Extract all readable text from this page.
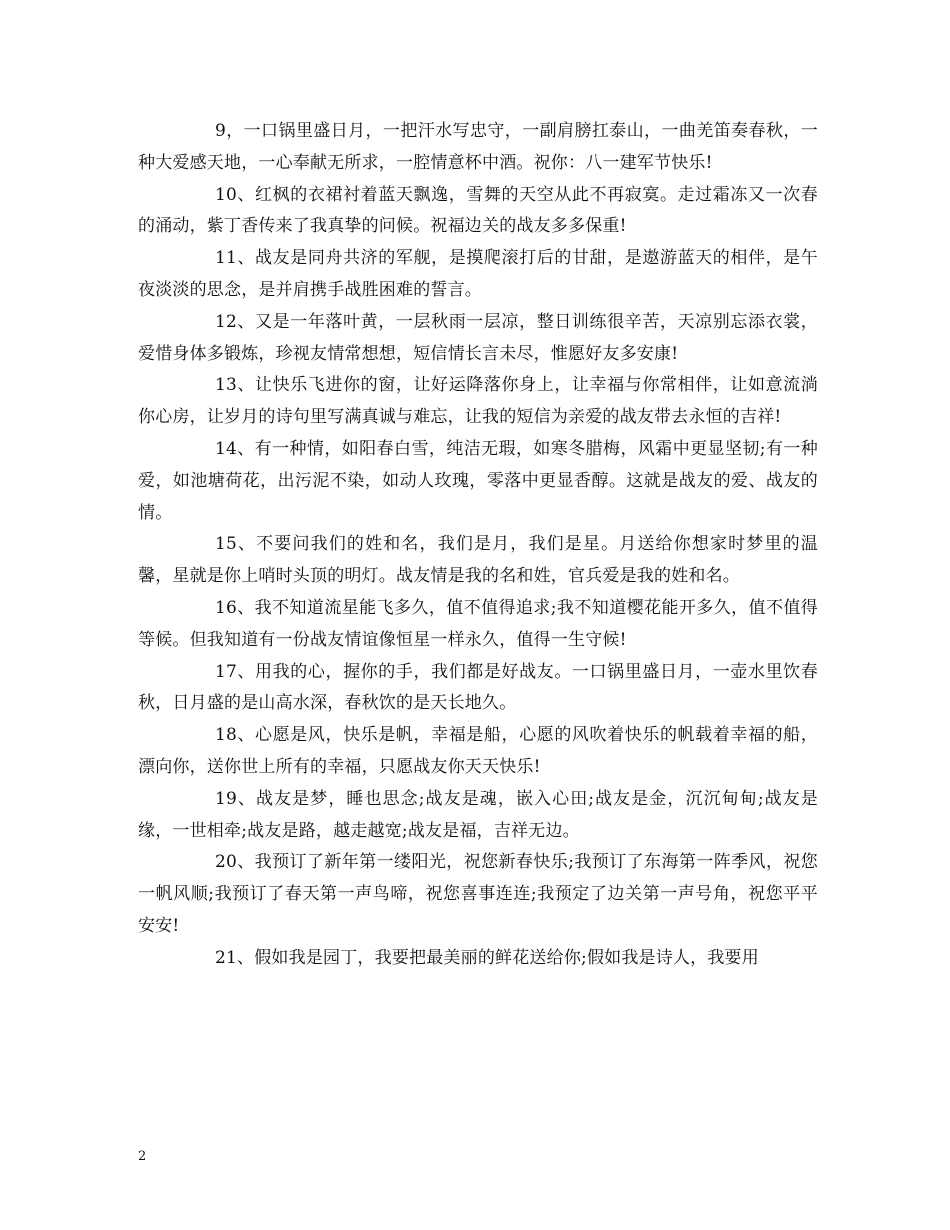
9，一口锅里盛日月，一把汗水写忠守，一副肩膀扛泰山，一曲羌笛奏春秋，一种大爱感天地，一心奉献无所求，一腔情意杯中酒。祝你：八一建军节快乐!

10、红枫的衣裙衬着蓝天飘逸，雪舞的天空从此不再寂寞。走过霜冻又一次春的涌动，紫丁香传来了我真挚的问候。祝福边关的战友多多保重!

11、战友是同舟共济的军舰，是摸爬滚打后的甘甜，是遨游蓝天的相伴，是午夜淡淡的思念，是并肩携手战胜困难的誓言。

12、又是一年落叶黄，一层秋雨一层凉，整日训练很辛苦，天凉别忘添衣裳，爱惜身体多锻炼，珍视友情常想想，短信情长言未尽，惟愿好友多安康!

13、让快乐飞进你的窗，让好运降落你身上，让幸福与你常相伴，让如意流淌你心房，让岁月的诗句里写满真诚与难忘，让我的短信为亲爱的战友带去永恒的吉祥!

14、有一种情，如阳春白雪，纯洁无瑕，如寒冬腊梅，风霜中更显坚韧;有一种爱，如池塘荷花，出污泥不染，如动人玫瑰，零落中更显香醇。这就是战友的爱、战友的情。

15、不要问我们的姓和名，我们是月，我们是星。月送给你想家时梦里的温馨，星就是你上哨时头顶的明灯。战友情是我的名和姓，官兵爱是我的姓和名。

16、我不知道流星能飞多久，值不值得追求;我不知道樱花能开多久，值不值得等候。但我知道有一份战友情谊像恒星一样永久，值得一生守候!

17、用我的心，握你的手，我们都是好战友。一口锅里盛日月，一壶水里饮春秋，日月盛的是山高水深，春秋饮的是天长地久。

18、心愿是风，快乐是帆，幸福是船，心愿的风吹着快乐的帆载着幸福的船，漂向你，送你世上所有的幸福，只愿战友你天天快乐!

19、战友是梦，睡也思念;战友是魂，嵌入心田;战友是金，沉沉甸甸;战友是缘，一世相牵;战友是路，越走越宽;战友是福，吉祥无边。

20、我预订了新年第一缕阳光，祝您新春快乐;我预订了东海第一阵季风，祝您一帆风顺;我预订了春天第一声鸟啼，祝您喜事连连;我预定了边关第一声号角，祝您平平安安!

21、假如我是园丁，我要把最美丽的鲜花送给你;假如我是诗人，我要用

2
